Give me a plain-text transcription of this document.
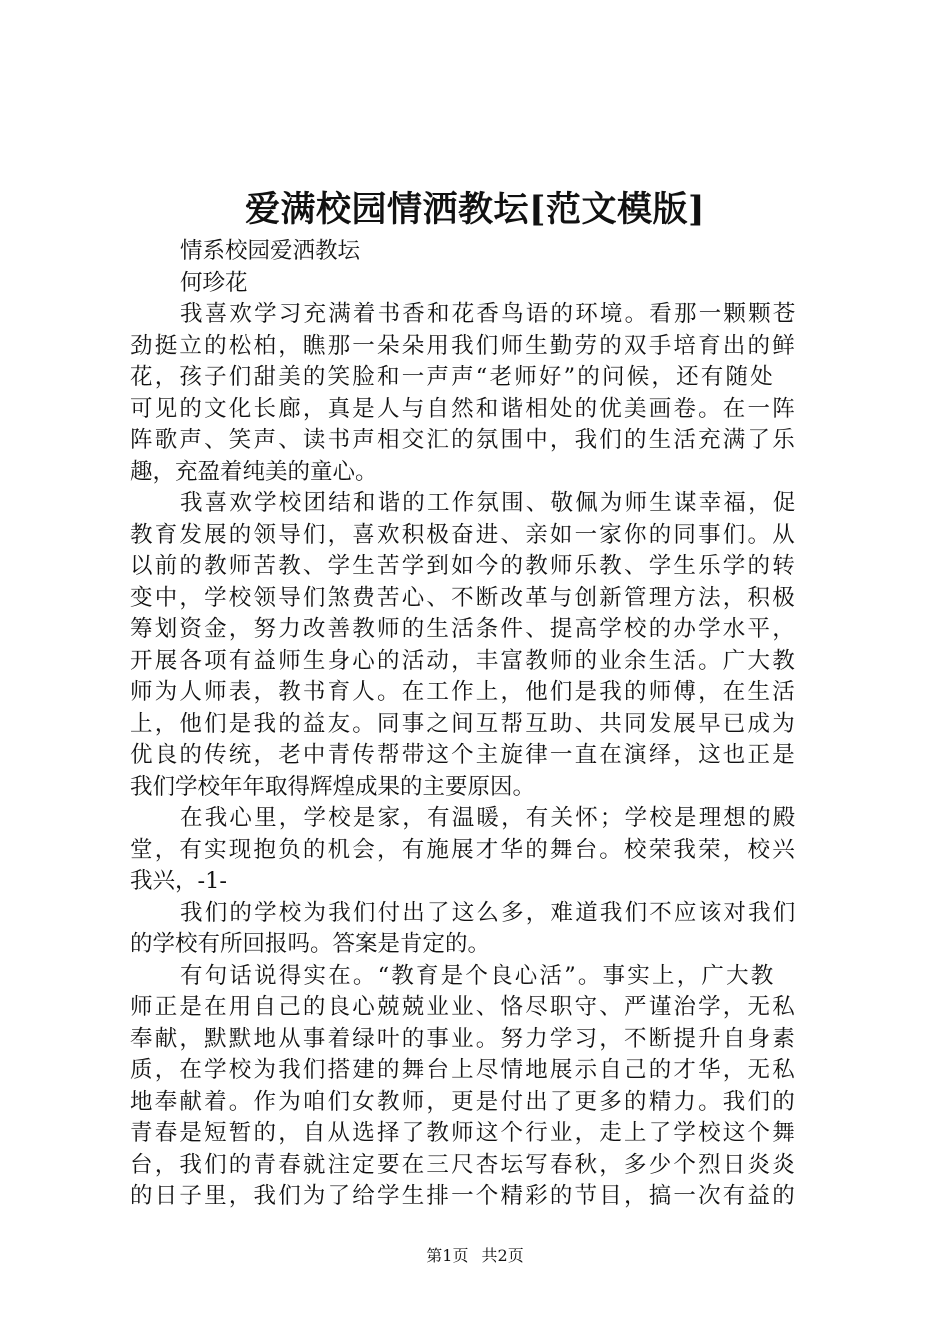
爱满校园情洒教坛[范文模版]
情系校园爱洒教坛
何珍花
我喜欢学习充满着书香和花香鸟语的环境。看那一颗颗苍
劲挺立的松柏，瞧那一朵朵用我们师生勤劳的双手培育出的鲜
花，孩子们甜美的笑脸和一声声“老师好”的问候，还有随处
可见的文化长廊，真是人与自然和谐相处的优美画卷。在一阵
阵歌声、笑声、读书声相交汇的氛围中，我们的生活充满了乐
趣，充盈着纯美的童心。
我喜欢学校团结和谐的工作氛围、敬佩为师生谋幸福，促
教育发展的领导们，喜欢积极奋进、亲如一家你的同事们。从
以前的教师苦教、学生苦学到如今的教师乐教、学生乐学的转
变中，学校领导们煞费苦心、不断改革与创新管理方法，积极
筹划资金，努力改善教师的生活条件、提高学校的办学水平，
开展各项有益师生身心的活动，丰富教师的业余生活。广大教
师为人师表，教书育人。在工作上，他们是我的师傅，在生活
上，他们是我的益友。同事之间互帮互助、共同发展早已成为
优良的传统，老中青传帮带这个主旋律一直在演绎，这也正是
我们学校年年取得辉煌成果的主要原因。
在我心里，学校是家，有温暖，有关怀；学校是理想的殿
堂，有实现抱负的机会，有施展才华的舞台。校荣我荣，校兴
我兴，-1-
我们的学校为我们付出了这么多，难道我们不应该对我们
的学校有所回报吗。答案是肯定的。
有句话说得实在。“教育是个良心活”。事实上，广大教
师正是在用自己的良心兢兢业业、恪尽职守、严谨治学，无私
奉献，默默地从事着绿叶的事业。努力学习，不断提升自身素
质，在学校为我们搭建的舞台上尽情地展示自己的才华，无私
地奉献着。作为咱们女教师，更是付出了更多的精力。我们的
青春是短暂的，自从选择了教师这个行业，走上了学校这个舞
台，我们的青春就注定要在三尺杏坛写春秋，多少个烈日炎炎
的日子里，我们为了给学生排一个精彩的节目，搞一次有益的
第1页 共2页
